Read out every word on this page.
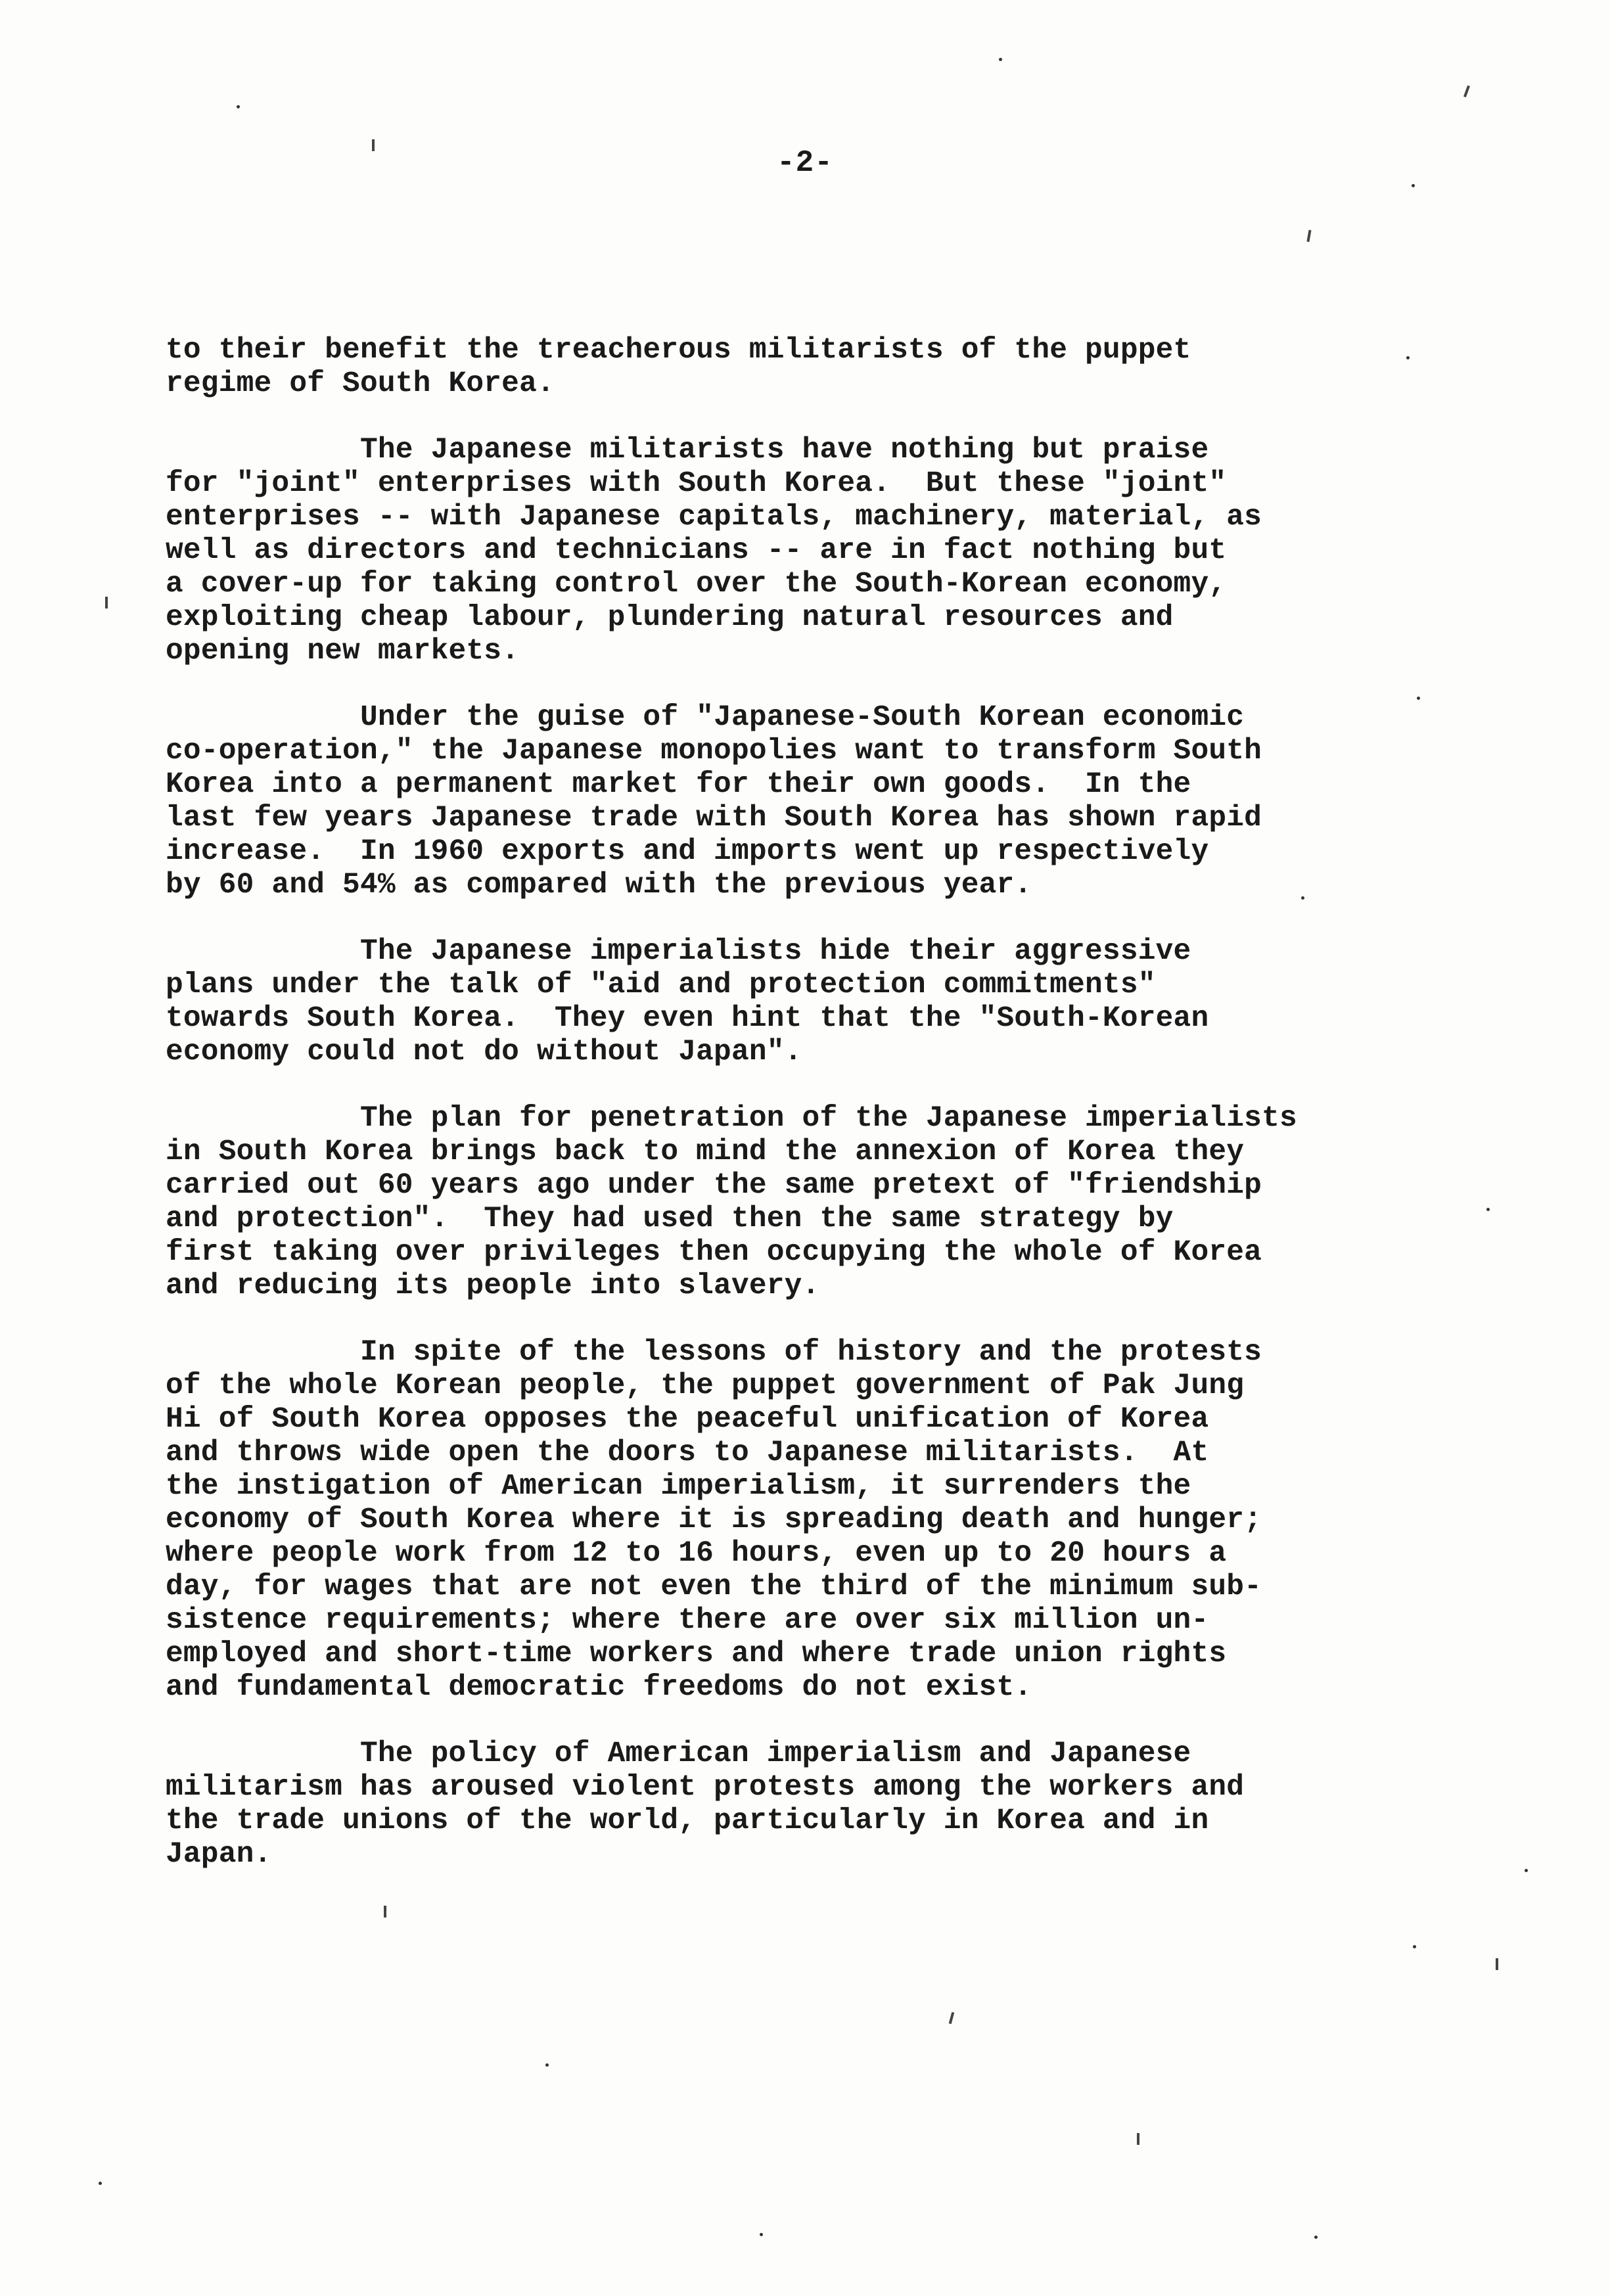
-2-

to their benefit the treacherous militarists of the puppet
regime of South Korea.

The Japanese militarists have nothing but praise
for "joint" enterprises with South Korea.  But these "joint"
enterprises -- with Japanese capitals, machinery, material, as
well as directors and technicians -- are in fact nothing but
a cover-up for taking control over the South-Korean economy,
exploiting cheap labour, plundering natural resources and
opening new markets.

Under the guise of "Japanese-South Korean economic
co-operation," the Japanese monopolies want to transform South
Korea into a permanent market for their own goods.  In the
last few years Japanese trade with South Korea has shown rapid
increase.  In 1960 exports and imports went up respectively
by 60 and 54% as compared with the previous year.

The Japanese imperialists hide their aggressive
plans under the talk of "aid and protection commitments"
towards South Korea.  They even hint that the "South-Korean
economy could not do without Japan".

The plan for penetration of the Japanese imperialists
in South Korea brings back to mind the annexion of Korea they
carried out 60 years ago under the same pretext of "friendship
and protection".  They had used then the same strategy by
first taking over privileges then occupying the whole of Korea
and reducing its people into slavery.

In spite of the lessons of history and the protests
of the whole Korean people, the puppet government of Pak Jung
Hi of South Korea opposes the peaceful unification of Korea
and throws wide open the doors to Japanese militarists.  At
the instigation of American imperialism, it surrenders the
economy of South Korea where it is spreading death and hunger;
where people work from 12 to 16 hours, even up to 20 hours a
day, for wages that are not even the third of the minimum sub-
sistence requirements; where there are over six million un-
employed and short-time workers and where trade union rights
and fundamental democratic freedoms do not exist.

The policy of American imperialism and Japanese
militarism has aroused violent protests among the workers and
the trade unions of the world, particularly in Korea and in
Japan.
